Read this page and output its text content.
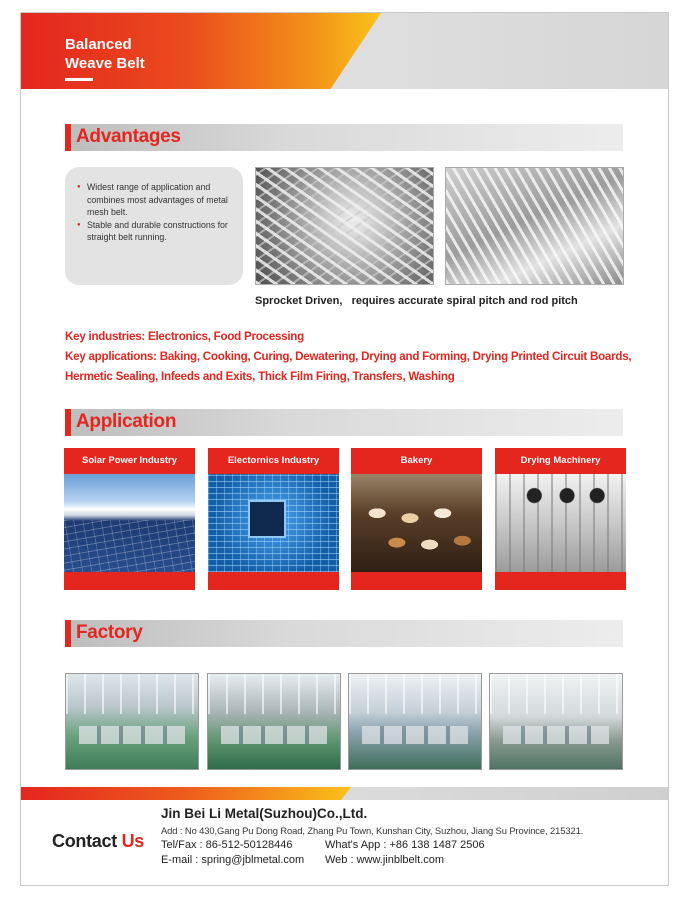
Balanced
Weave Belt
Advantages
● Widest range of application and combines most advantages of metal mesh belt.
● Stable and durable constructions for straight belt running.
Sprocket Driven,   requires accurate spiral pitch and rod pitch

Key industries: Electronics, Food Processing

Key applications: Baking, Cooking, Curing, Dewatering, Drying and Forming, Drying Printed Circuit Boards,

Hermetic Sealing, Infeeds and Exits, Thick Film Firing, Transfers, Washing

Application
Solar Power Industry	Electornics Industry	Bakery	Drying Machinery
Factory
Contact Us
Jin Bei Li Metal(Suzhou)Co.,Ltd.
Add : No 430,Gang Pu Dong Road, Zhang Pu Town, Kunshan City, Suzhou, Jiang Su Province, 215321.
Tel/Fax : 86-512-50128446	What's App : +86 138 1487 2506
E-mail : spring@jblmetal.com Web : www.jinblbelt.com
